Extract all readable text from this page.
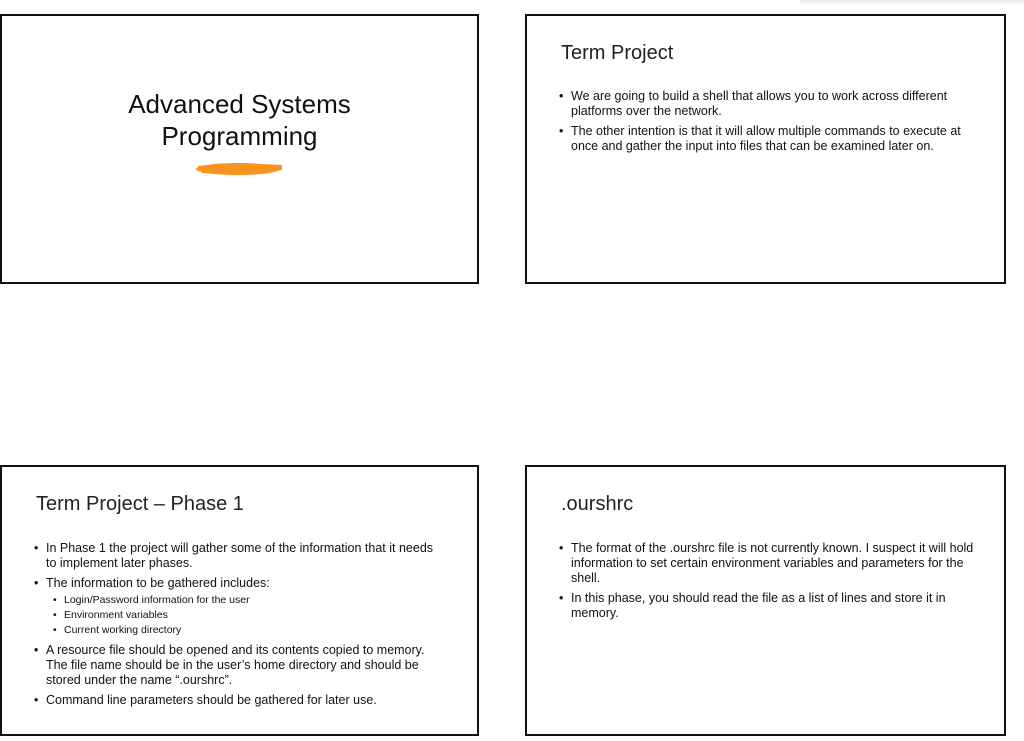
Advanced Systems
Programming
Term Project
• We are going to build a shell that allows you to work across different platforms over the network.
• The other intention is that it will allow multiple commands to execute at once and gather the input into files that can be examined later on.
Term Project – Phase 1
• In Phase 1 the project will gather some of the information that it needs to implement later phases.
• The information to be gathered includes:
• Login/Password information for the user
• Environment variables
• Current working directory
• A resource file should be opened and its contents copied to memory. The file name should be in the user’s home directory and should be stored under the name “.ourshrc”.
• Command line parameters should be gathered for later use.
.ourshrc
• The format of the .ourshrc file is not currently known. I suspect it will hold information to set certain environment variables and parameters for the shell.
• In this phase, you should read the file as a list of lines and store it in memory.
